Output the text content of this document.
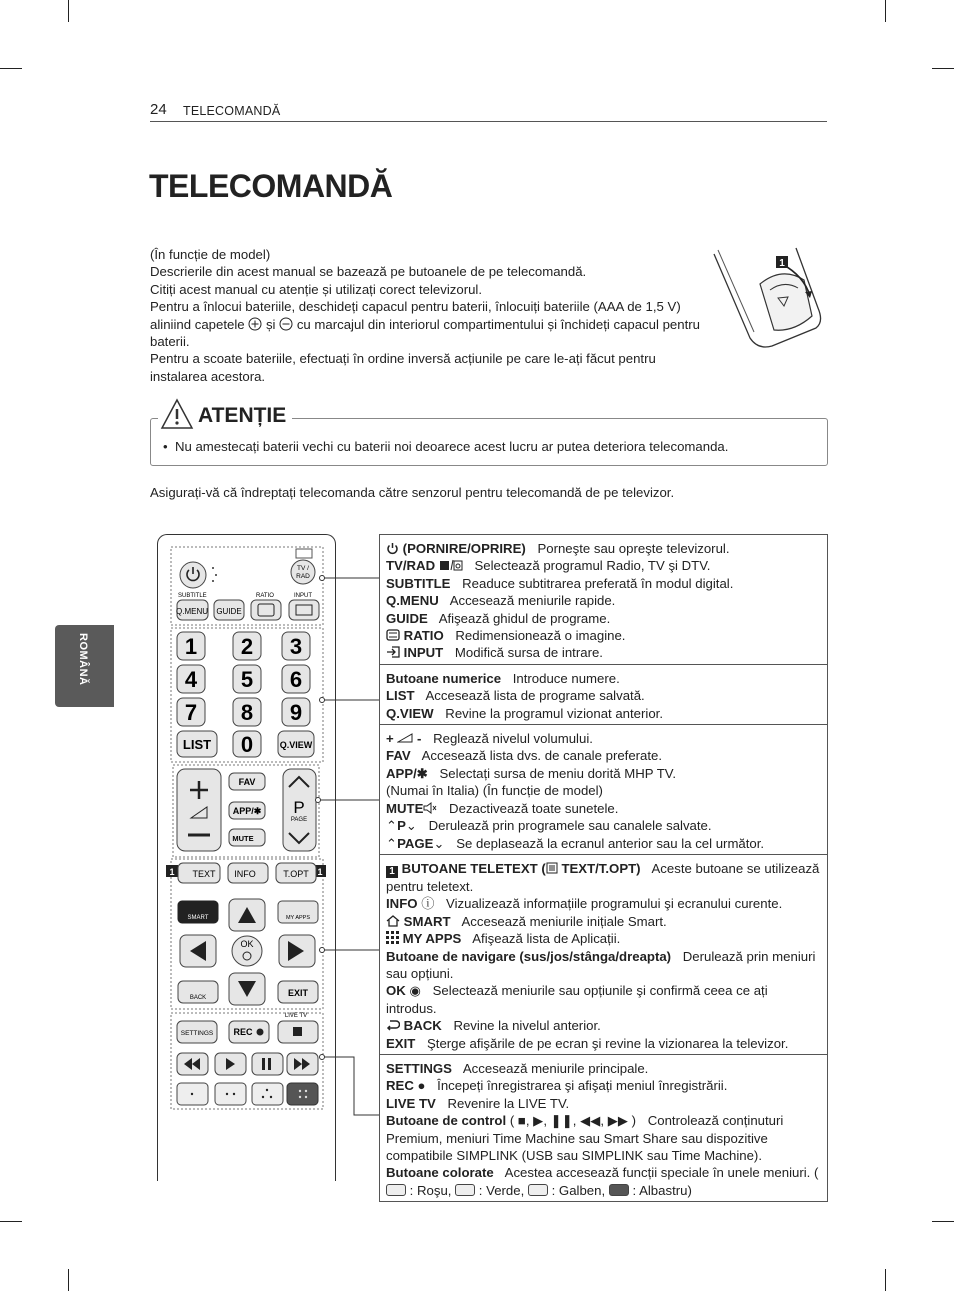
24 TELECOMANDĂ
TELECOMANDĂ
ROMÂNĂ

(În funcție de model)

Descrierile din acest manual se bazează pe butoanele de pe telecomandă.

Citiți acest manual cu atenție și utilizați corect televizorul.

Pentru a înlocui bateriile, deschideți capacul pentru baterii, înlocuiți bateriile (AAA de 1,5 V) aliniind capetele și cu marcajul din interiorul compartimentului și închideți capacul pentru baterii.

Pentru a scoate bateriile, efectuați în ordine inversă acțiunile pe care le-ați făcut pentru instalarea acestora.

1
ATENȚIE
•  Nu amestecați baterii vechi cu baterii noi deoarece acest lucru ar putea deteriora telecomanda.
Asigurați-vă că îndreptați telecomanda către senzorul pentru telecomandă de pe televizor.
TV /
RAD
SUBTITLE	RATIO	INPUT
Q.MENU GUIDE
1 2 3
4 5 6
7 8 9
LIST 0	Q.VIEW
FAV
APP/✱
MUTE
P
PAGE
1	1
TEXT INFO	T.OPT
SMART	MY APPS
OK
BACK	EXIT
LIVE TV
SETTINGS REC

(PORNIRE/OPRIRE) Porneşte sau opreşte televizorul.

TV/RAD	Selectează programul Radio, TV şi DTV.

SUBTITLE Readuce subtitrarea preferată în modul digital.

Q.MENU Accesează meniurile rapide.

GUIDE Afişează ghidul de programe.

RATIO Redimensionează o imagine.

INPUT Modifică sursa de intrare.

Butoane numerice Introduce numere.

LIST Accesează lista de programe salvată.

Q.VIEW Revine la programul vizionat anterior.

+  - Reglează nivelul volumului.

FAV Accesează lista dvs. de canale preferate.

APP/✱ Selectați sursa de meniu dorită MHP TV.

(Numai în Italia) (În funcție de model)

MUTE Dezactivează toate sunetele.

⌃P⌄ Derulează prin programele sau canalele salvate.

⌃PAGE⌄ Se deplasează la ecranul anterior sau la cel următor.

1 BUTOANE TELETEXT ( TEXT/T.OPT) Aceste butoane se utilizează pentru teletext.

INFO ⓘ Vizualizează informațiile programului şi ecranului curente.

SMART Accesează meniurile inițiale Smart.

MY APPS Afişează lista de Aplicații.

Butoane de navigare (sus/jos/stânga/dreapta) Derulează prin meniuri sau opțiuni.

OK ◉ Selectează meniurile sau opțiunile şi confirmă ceea ce ați introdus.

BACK Revine la nivelul anterior.

EXIT Şterge afişările de pe ecran şi revine la vizionarea la televizor.

SETTINGS Accesează meniurile principale.

REC ● Începeți înregistrarea şi afişați meniul înregistrării.

LIVE TV Revenire la LIVE TV.

Butoane de control ( ■, ▶, ❚❚, ◀◀, ▶▶ ) Controlează conținuturi Premium, meniuri Time Machine sau Smart Share sau dispozitive compatibile SIMPLINK (USB sau SIMPLINK sau Time Machine).

Butoane colorate Acestea accesează funcții speciale în unele meniuri. ( : Roşu, : Verde, : Galben, : Albastru)
